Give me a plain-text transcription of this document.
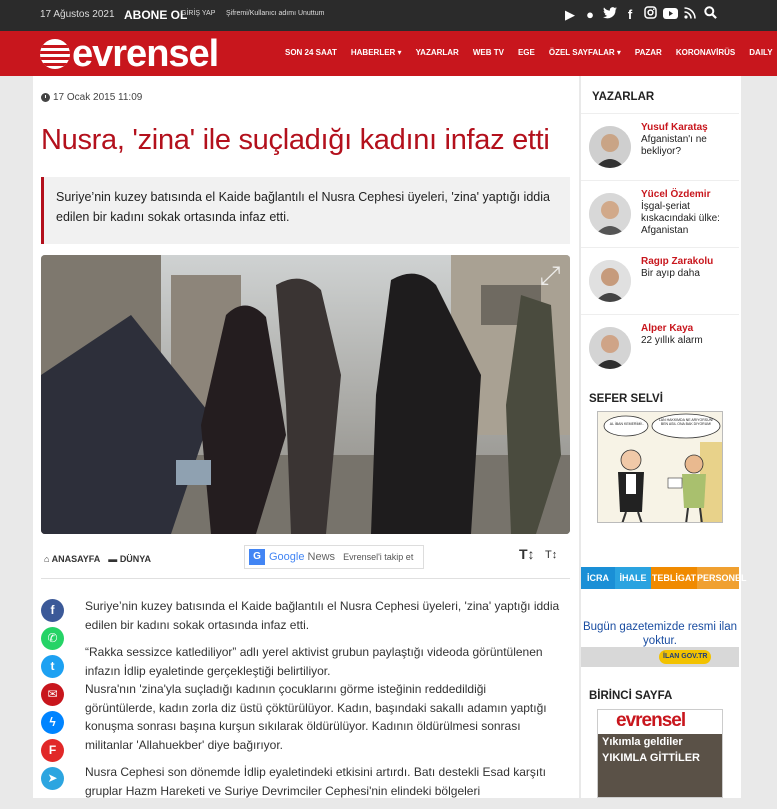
17 Ağustos 2021 ABONE OL
GİRİŞ YAP Şifremi/Kullanıcı adımı Unuttum	▶ ●	f
evrensel	SON 24 SAAT HABERLER ▾ YAZARLAR WEB TV EGE ÖZEL SAYFALAR ▾ PAZAR KORONAVİRÜS DAILY
17 Ocak 2015 11:09
Nusra, 'zina' ile suçladığı kadını infaz etti
Suriye’nin kuzey batısında el Kaide bağlantılı el Nusra Cephesi üyeleri, 'zina' yaptığı iddia edilen bir kadını sokak ortasında infaz etti.
⤢
⌂ ANASAYFA ▬ DÜNYA	G Google News Evrensel'i takip et	T↕ T↕
f
✆
t
✉
ϟ
F
➤

Suriye’nin kuzey batısında el Kaide bağlantılı el Nusra Cephesi üyeleri, 'zina' yaptığı iddia edilen bir kadını sokak ortasında infaz etti.

“Rakka sessizce katlediliyor” adlı yerel aktivist grubun paylaştığı videoda görüntülenen infazın İdlip eyaletinde gerçekleştiği belirtiliyor.

Nusra'nın 'zina'yla suçladığı kadının çocuklarını görme isteğinin reddedildiği görüntülerde, kadın zorla diz üstü çöktürülüyor. Kadın, başındaki sakallı adamın yaptığı konuşma sonrası başına kurşun sıkılarak öldürülüyor. Kadının öldürülmesi sonrası militanlar 'Allahuekber' diye bağırıyor.

Nusra Cephesi son dönemde İdlip eyaletindeki etkisini artırdı. Batı destekli Esad karşıtı gruplar Hazm Hareketi ve Suriye Devrimciler Cephesi'nin elindeki bölgeleri

YAZARLAR
Yusuf Karataş
Afganistan'ı ne bekliyor?
Yücel Özdemir
İşgal-şeriat kıskacındaki ülke: Afganistan
Ragıp Zarakolu
Bir ayıp daha
Alper Kaya
22 yıllık alarm
SEFER SELVİ
AL İBAN KEMERİMİ!..
LAN HAKKIMDA NE ARIYORSUN! BEN ASIL ONA BAK DIYORUM!
İCRA	İHALE TEBLİGAT PERSONEL
Bugün gazetemizde resmi ilan yoktur.
İLAN GOV.TR
BİRİNCİ SAYFA
evrensel
Yıkımla geldiler
YIKIMLA GİTTİLER
